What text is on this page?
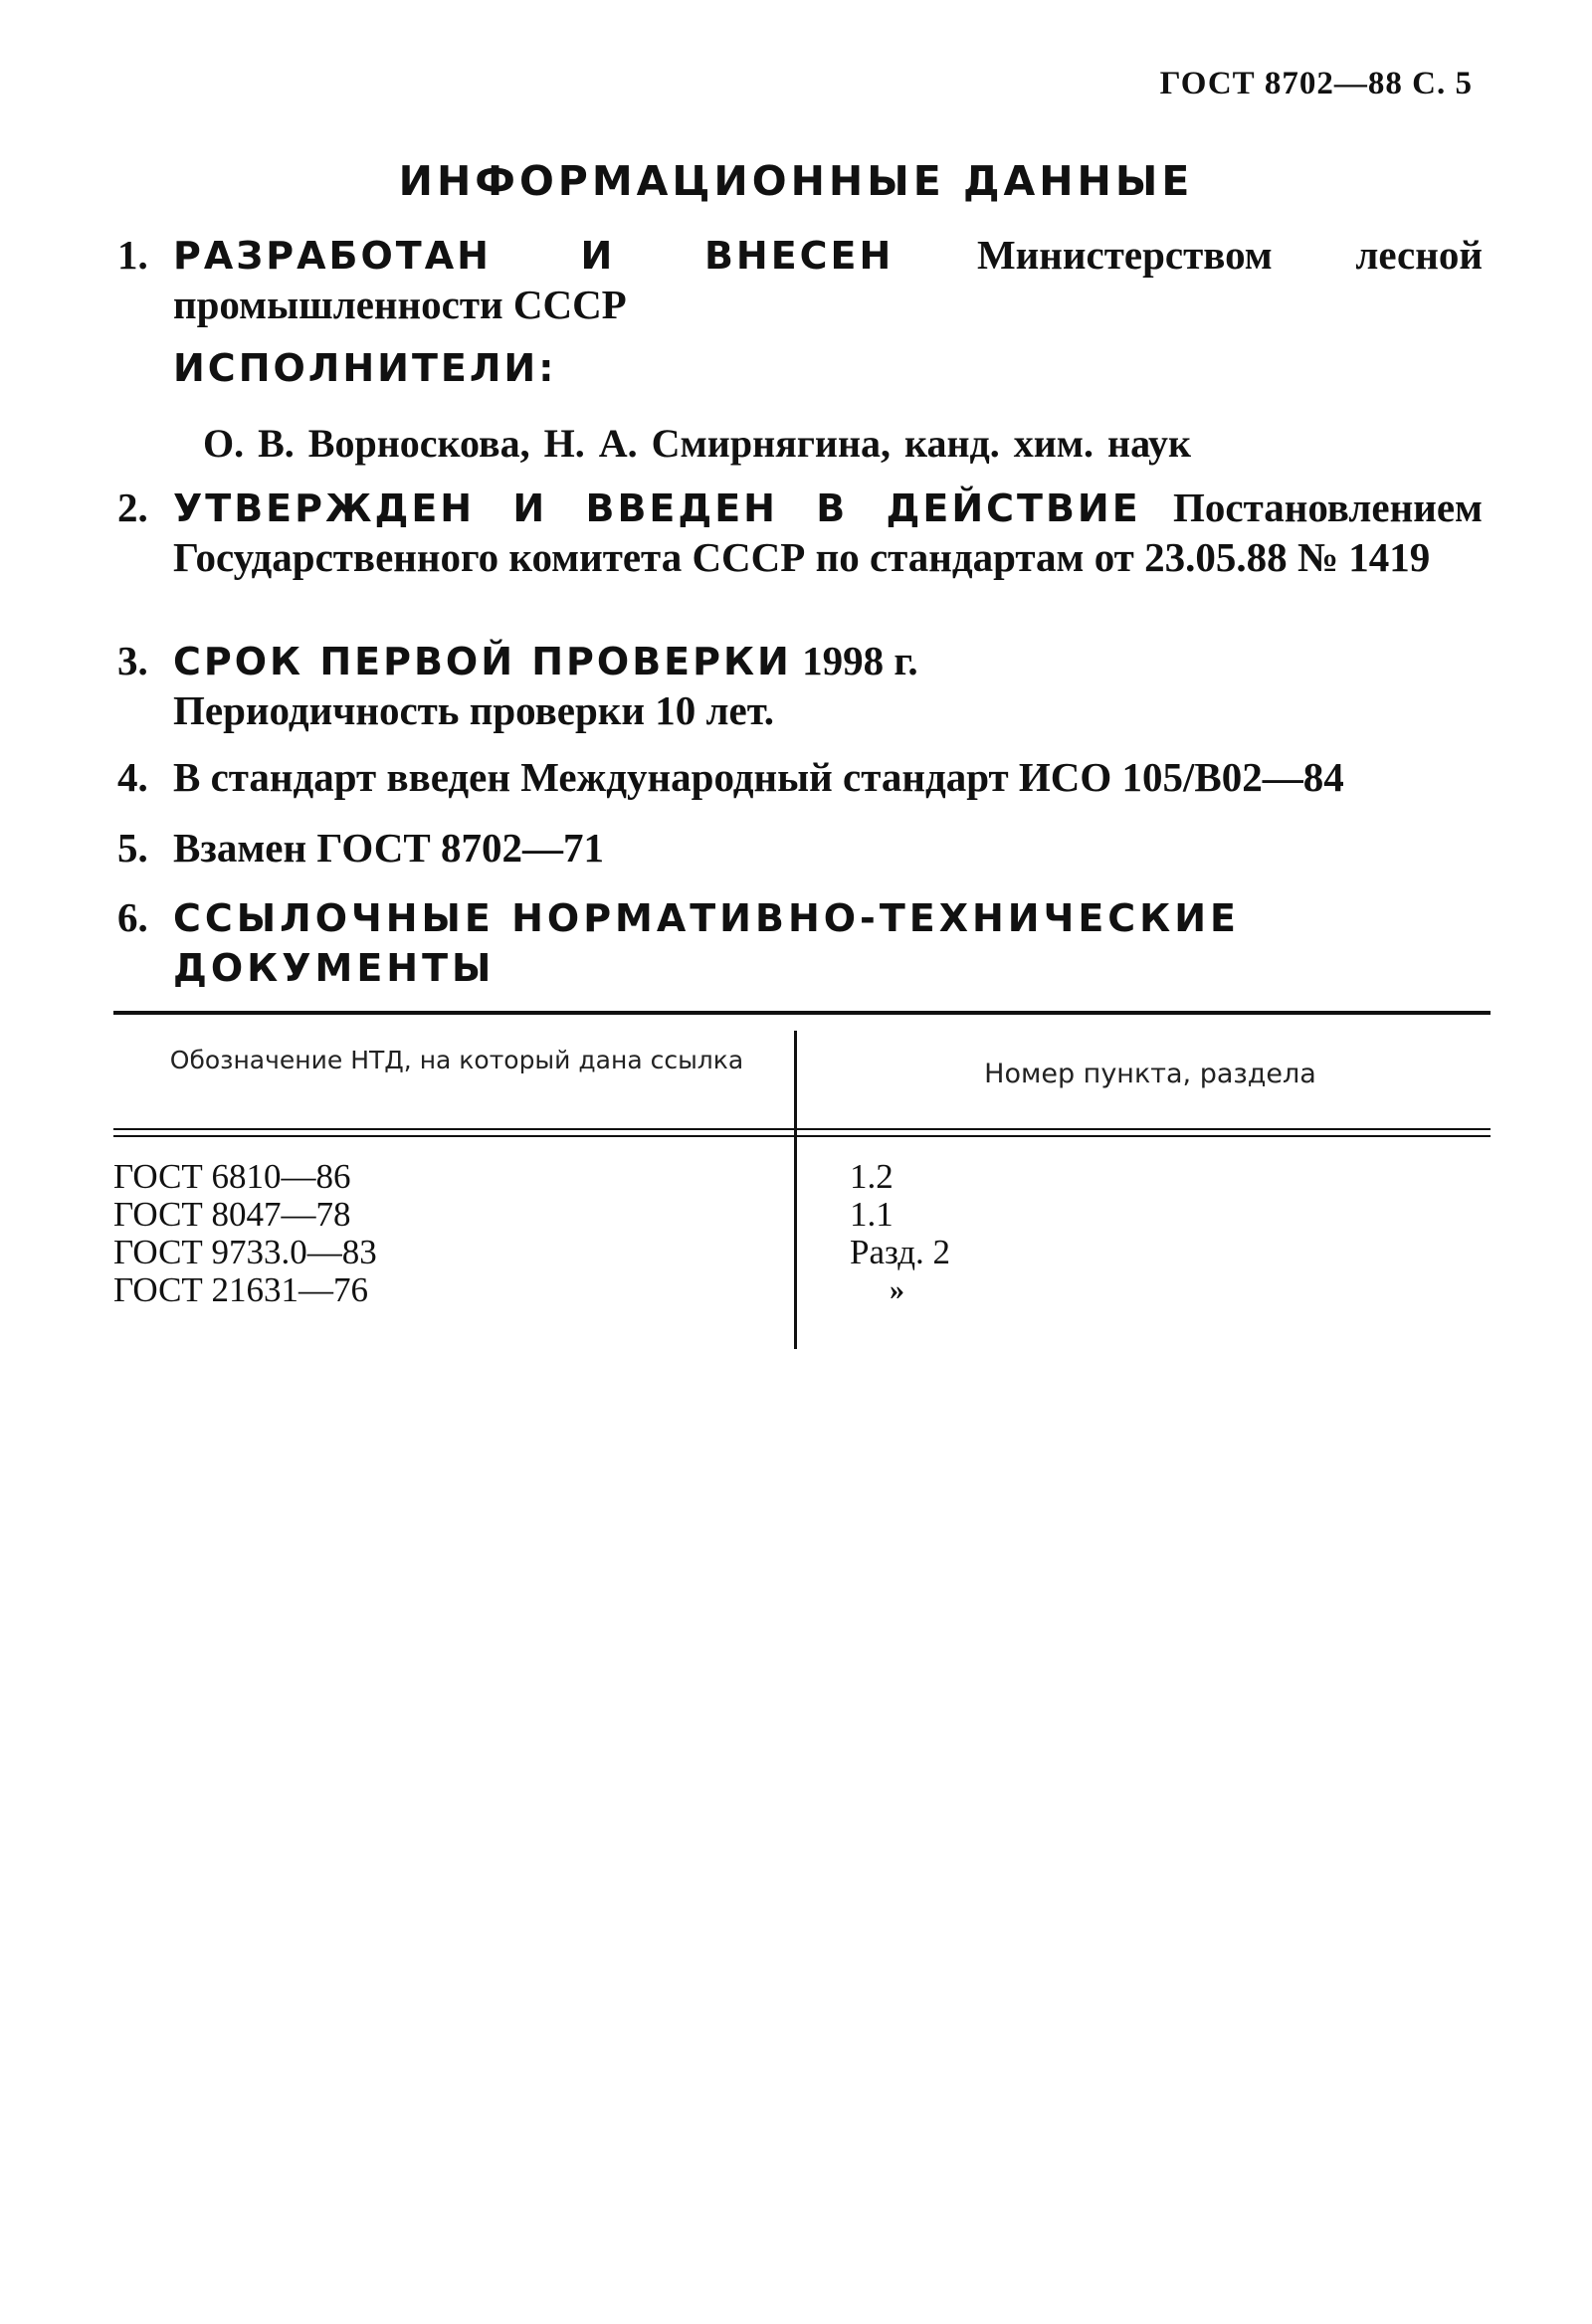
ГОСТ 8702—88 С. 5
ИНФОРМАЦИОННЫЕ ДАННЫЕ
1. РАЗРАБОТАН И ВНЕСЕН Министерством лесной промышленности СССР
ИСПОЛНИТЕЛИ:
О. В. Ворноскова, Н. А. Смирнягина, канд. хим. наук
2. УТВЕРЖДЕН И ВВЕДЕН В ДЕЙСТВИЕ Постановлением Государственного комитета СССР по стандартам от 23.05.88 № 1419
3. СРОК ПЕРВОЙ ПРОВЕРКИ 1998 г.
Периодичность проверки 10 лет.
4. В стандарт введен Международный стандарт ИСО 105/В02—84
5. Взамен ГОСТ 8702—71
6. ССЫЛОЧНЫЕ НОРМАТИВНО-ТЕХНИЧЕСКИЕ ДОКУМЕНТЫ
Обозначение НТД, на который дана ссылка	Номер пункта, раздела
ГОСТ 6810—86
ГОСТ 8047—78
ГОСТ 9733.0—83
ГОСТ 21631—76
1.2
1.1
Разд. 2
»
